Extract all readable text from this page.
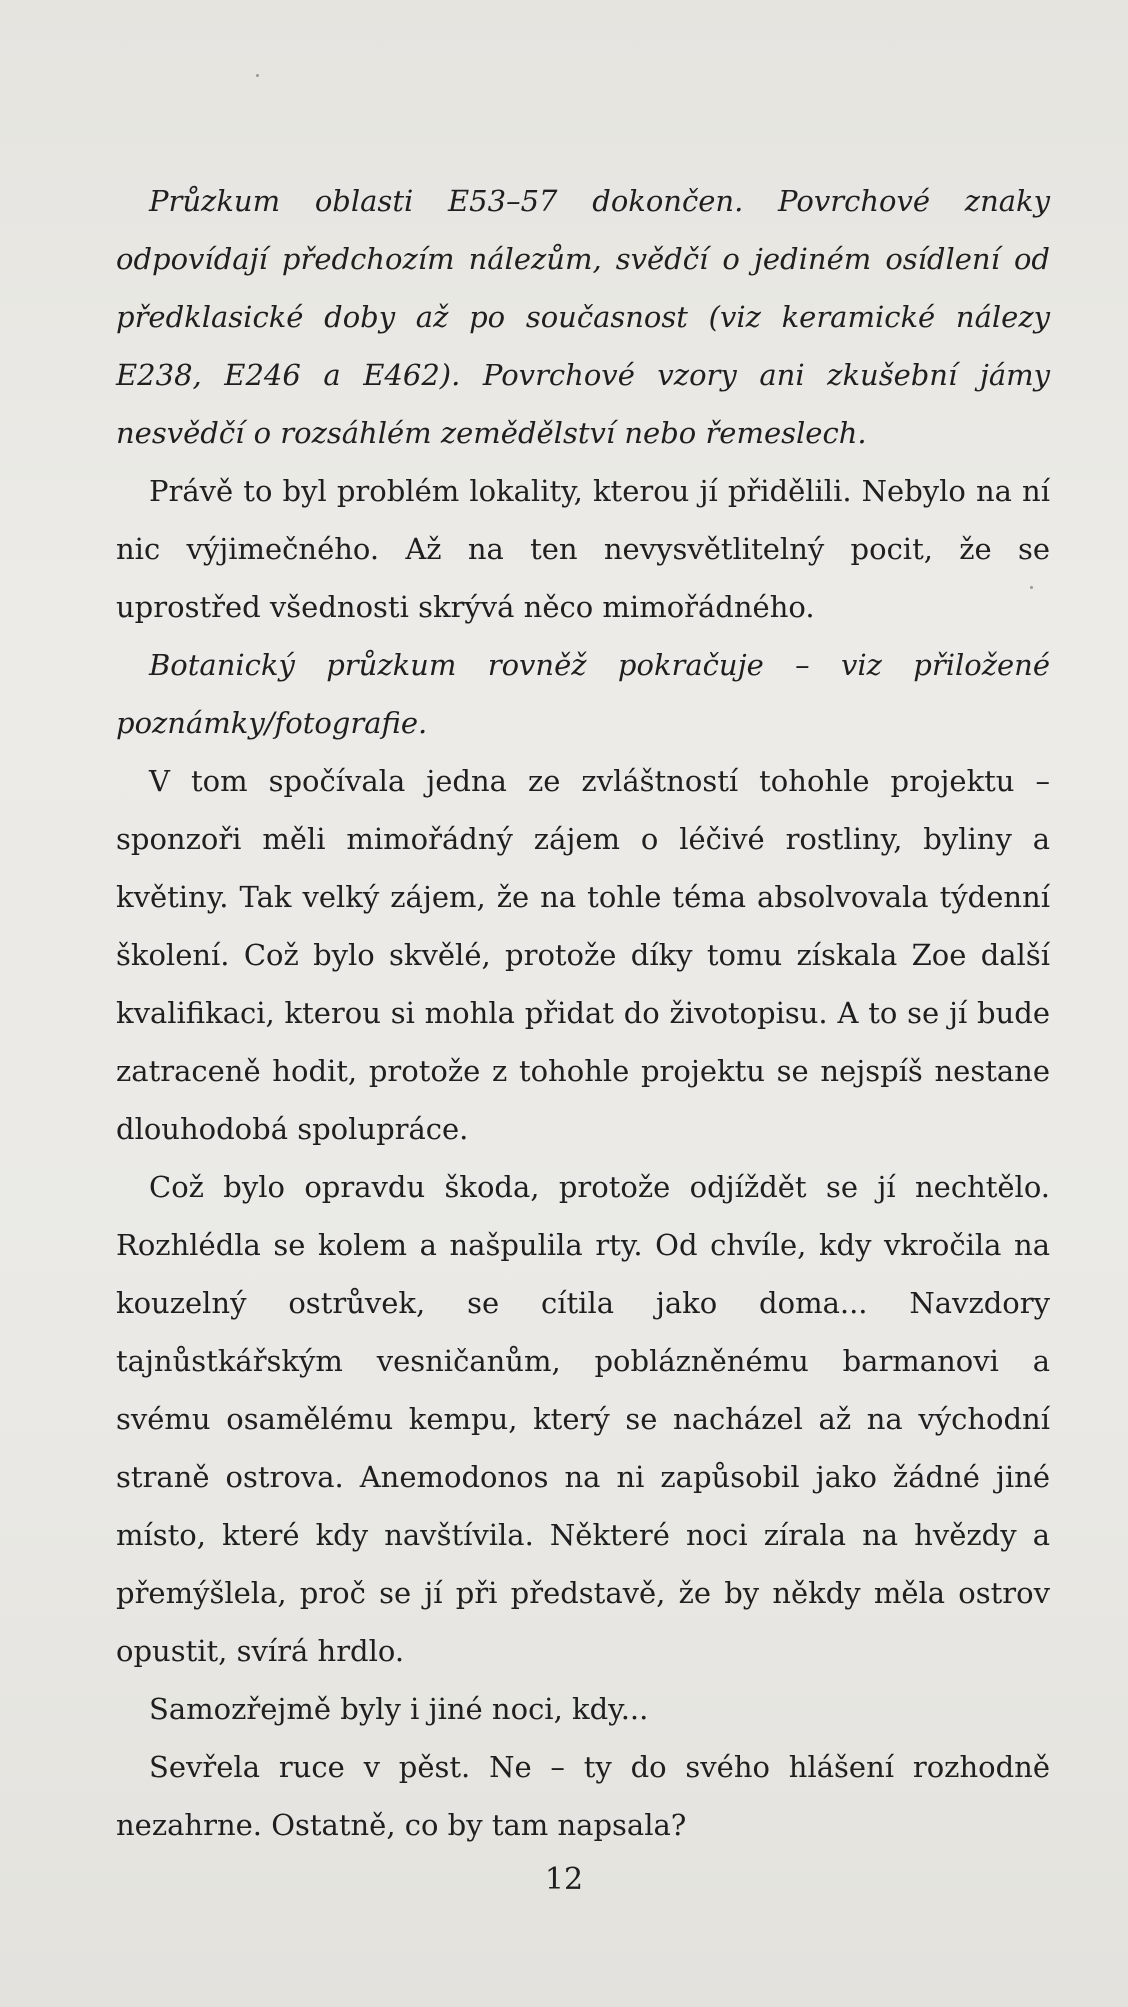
Průzkum oblasti E53–57 dokončen. Povrchové znaky odpovídají předchozím nálezům, svědčí o jediném osídlení od předklasické doby až po současnost (viz keramické nálezy E238, E246 a E462). Povrchové vzory ani zkušební jámy nesvědčí o rozsáhlém zemědělství nebo řemeslech.

Právě to byl problém lokality, kterou jí přidělili. Nebylo na ní nic výjimečného. Až na ten nevysvětlitelný pocit, že se uprostřed všednosti skrývá něco mimořádného.

Botanický průzkum rovněž pokračuje – viz přiložené poznámky/fotografie.

V tom spočívala jedna ze zvláštností tohohle projektu – sponzoři měli mimořádný zájem o léčivé rostliny, byliny a květiny. Tak velký zájem, že na tohle téma absolvovala týdenní školení. Což bylo skvělé, protože díky tomu získala Zoe další kvalifikaci, kterou si mohla přidat do životopisu. A to se jí bude zatraceně hodit, protože z tohohle projektu se nejspíš nestane dlouhodobá spolupráce.

Což bylo opravdu škoda, protože odjíždět se jí nechtělo. Rozhlédla se kolem a našpulila rty. Od chvíle, kdy vkročila na kouzelný ostrůvek, se cítila jako doma... Navzdory tajnůstkářským vesničanům, poblázněnému barmanovi a svému osamělému kempu, který se nacházel až na východní straně ostrova. Anemodonos na ni zapůsobil jako žádné jiné místo, které kdy navštívila. Některé noci zírala na hvězdy a přemýšlela, proč se jí při představě, že by někdy měla ostrov opustit, svírá hrdlo.

Samozřejmě byly i jiné noci, kdy...

Sevřela ruce v pěst. Ne – ty do svého hlášení rozhodně nezahrne. Ostatně, co by tam napsala?

12
